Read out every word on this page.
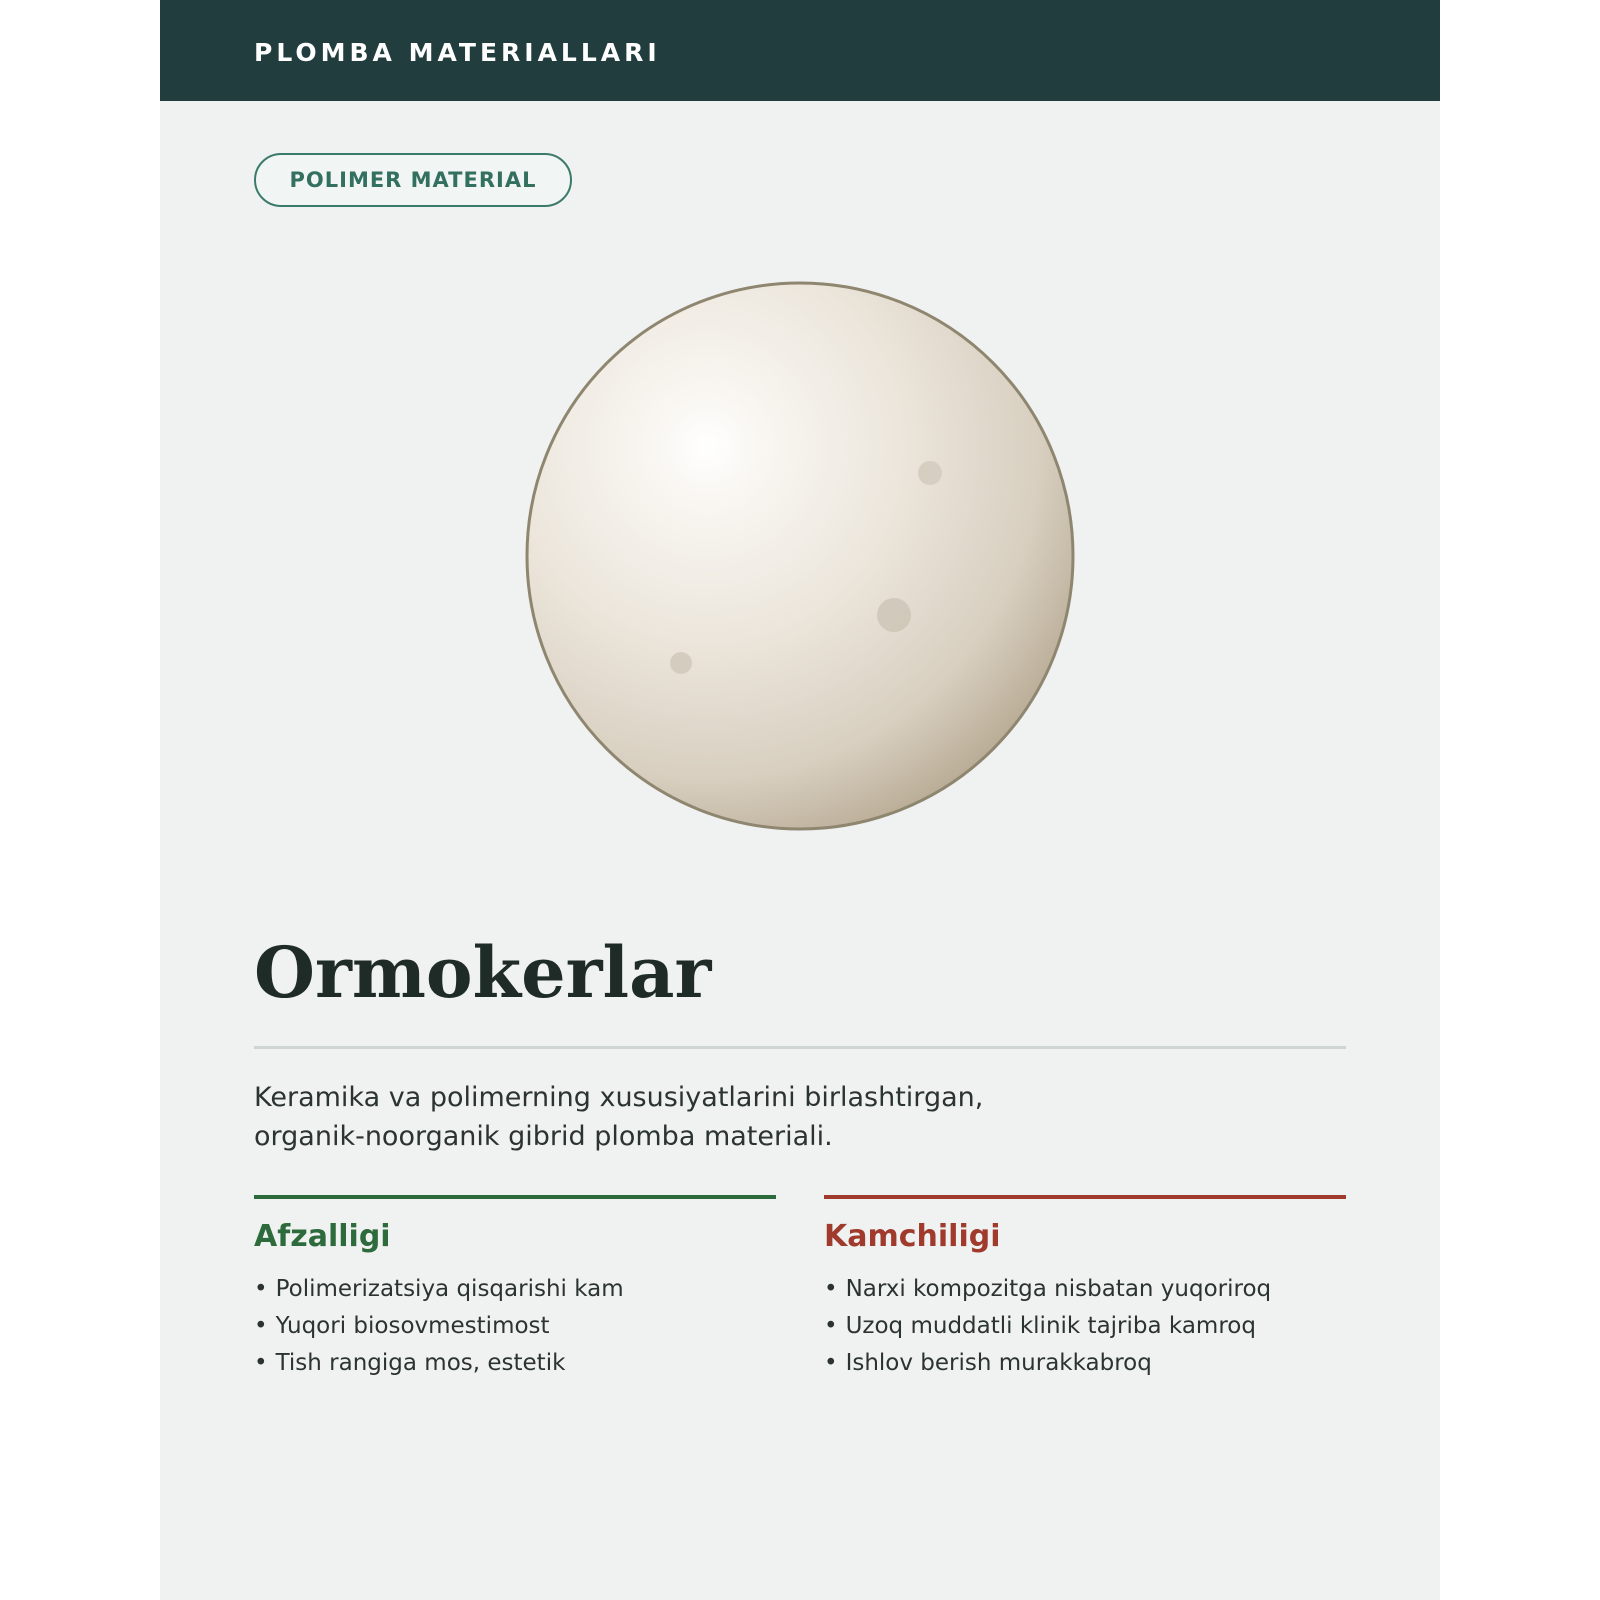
PLOMBA MATERIALLARI
POLIMER MATERIAL
Ormokerlar
Keramika va polimerning xususiyatlarini birlashtirgan,
organik-noorganik gibrid plomba materiali.
Afzalligi
• Polimerizatsiya qisqarishi kam
• Yuqori biosovmestimost
• Tish rangiga mos, estetik
Kamchiligi
• Narxi kompozitga nisbatan yuqoriroq
• Uzoq muddatli klinik tajriba kamroq
• Ishlov berish murakkabroq
